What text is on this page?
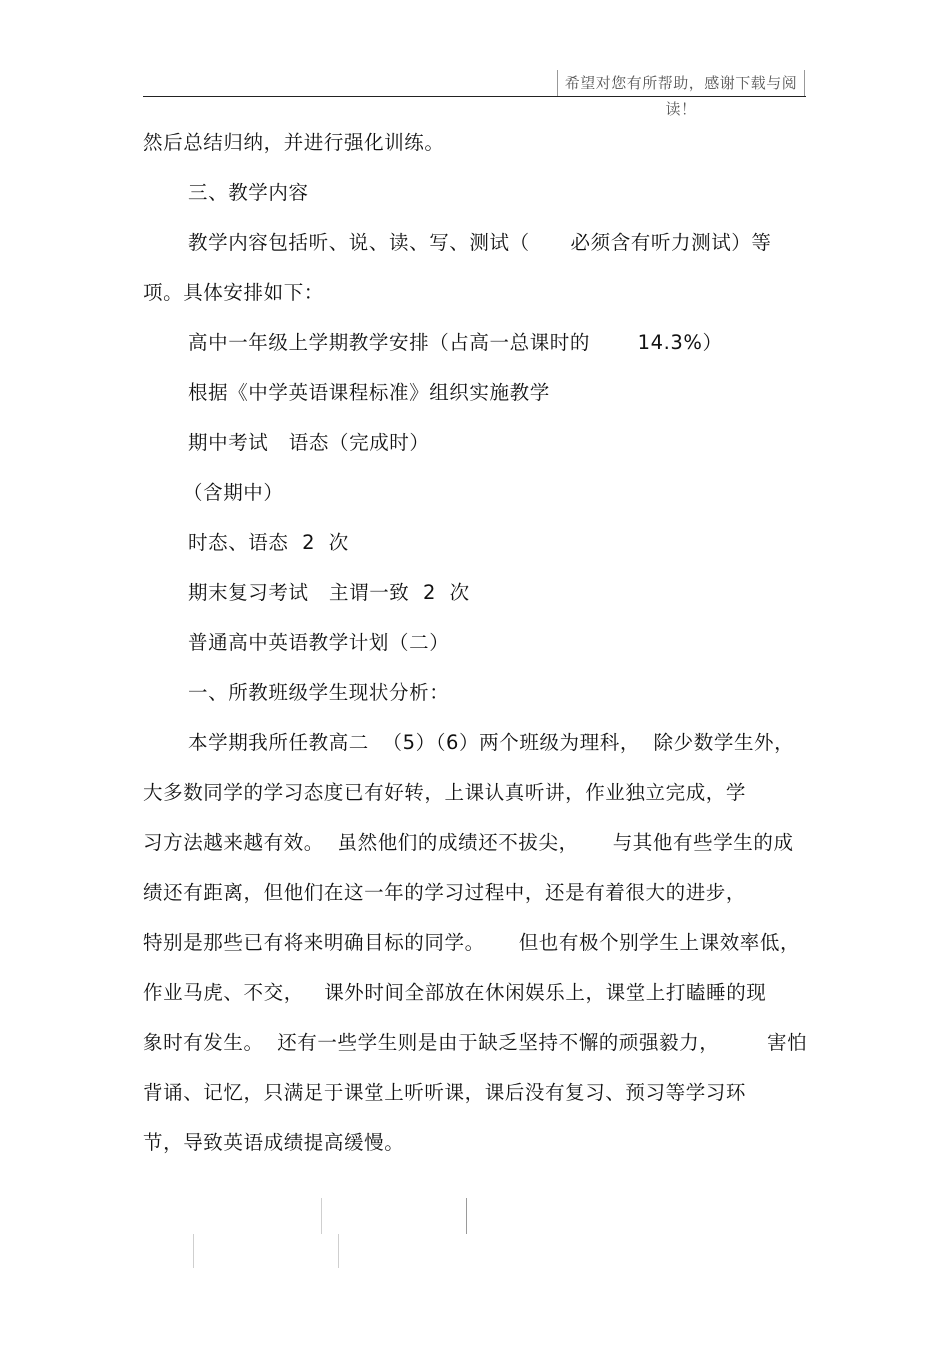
希望对您有所帮助，感谢下载与阅读！
然后总结归纳，并进行强化训练。
三、教学内容
教学内容包括听、说、读、写、测试（      必须含有听力测试）等
项。具体安排如下：
高中一年级上学期教学安排（占高一总课时的       14.3%）
根据《中学英语课程标准》组织实施教学
期中考试   语态（完成时）
（含期中）
时态、语态  2  次
期末复习考试   主谓一致  2  次
普通高中英语教学计划（二）
一、所教班级学生现状分析：
本学期我所任教高二  （5）（6）两个班级为理科，  除少数学生外，
大多数同学的学习态度已有好转，上课认真听讲，作业独立完成，学
习方法越来越有效。  虽然他们的成绩还不拔尖，     与其他有些学生的成
绩还有距离，但他们在这一年的学习过程中，还是有着很大的进步，
特别是那些已有将来明确目标的同学。     但也有极个别学生上课效率低，
作业马虎、不交，   课外时间全部放在休闲娱乐上，课堂上打瞌睡的现
象时有发生。  还有一些学生则是由于缺乏坚持不懈的顽强毅力，       害怕
背诵、记忆，只满足于课堂上听听课，课后没有复习、预习等学习环
节，导致英语成绩提高缓慢。
